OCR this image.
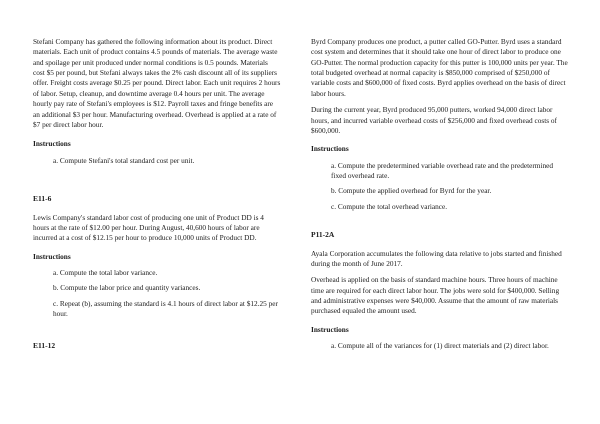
Stefani Company has gathered the following information about its product. Direct materials. Each unit of product contains 4.5 pounds of materials. The average waste and spoilage per unit produced under normal conditions is 0.5 pounds. Materials cost $5 per pound, but Stefani always takes the 2% cash discount all of its suppliers offer. Freight costs average $0.25 per pound. Direct labor. Each unit requires 2 hours of labor. Setup, cleanup, and downtime average 0.4 hours per unit. The average hourly pay rate of Stefani's employees is $12. Payroll taxes and fringe benefits are an additional $3 per hour. Manufacturing overhead. Overhead is applied at a rate of $7 per direct labor hour.

Instructions

a. Compute Stefani's total standard cost per unit.

E11-6

Lewis Company's standard labor cost of producing one unit of Product DD is 4 hours at the rate of $12.00 per hour. During August, 40,600 hours of labor are incurred at a cost of $12.15 per hour to produce 10,000 units of Product DD.

Instructions

a. Compute the total labor variance.

b. Compute the labor price and quantity variances.

c. Repeat (b), assuming the standard is 4.1 hours of direct labor at $12.25 per hour.

E11-12

Byrd Company produces one product, a putter called GO-Putter. Byrd uses a standard cost system and determines that it should take one hour of direct labor to produce one GO-Putter. The normal production capacity for this putter is 100,000 units per year. The total budgeted overhead at normal capacity is $850,000 comprised of $250,000 of variable costs and $600,000 of fixed costs. Byrd applies overhead on the basis of direct labor hours.

During the current year, Byrd produced 95,000 putters, worked 94,000 direct labor hours, and incurred variable overhead costs of $256,000 and fixed overhead costs of $600,000.

Instructions

a. Compute the predetermined variable overhead rate and the predetermined fixed overhead rate.

b. Compute the applied overhead for Byrd for the year.

c. Compute the total overhead variance.

P11-2A

Ayala Corporation accumulates the following data relative to jobs started and finished during the month of June 2017.

Overhead is applied on the basis of standard machine hours. Three hours of machine time are required for each direct labor hour. The jobs were sold for $400,000. Selling and administrative expenses were $40,000. Assume that the amount of raw materials purchased equaled the amount used.

Instructions

a. Compute all of the variances for (1) direct materials and (2) direct labor.
